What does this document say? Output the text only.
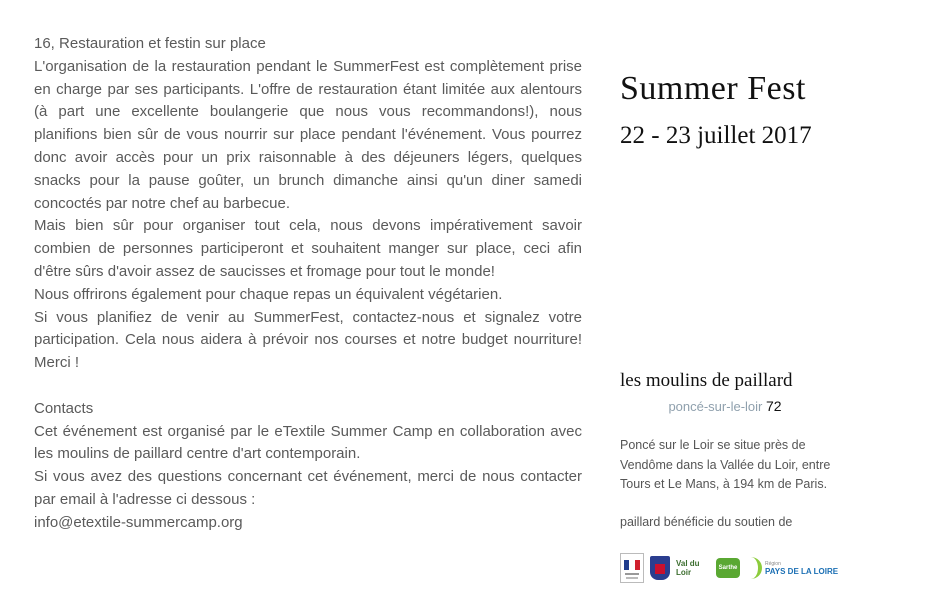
16, Restauration et festin sur place

L'organisation de la restauration pendant le SummerFest est complètement prise en charge par ses participants. L'offre de restauration étant limitée aux alentours (à part une excellente boulangerie que nous vous recommandons!), nous planifions bien sûr de vous nourrir sur place pendant l'événement. Vous pourrez donc avoir accès pour un prix raisonnable à des déjeuners légers, quelques snacks pour la pause goûter, un brunch dimanche ainsi qu'un diner samedi concoctés par notre chef au barbecue.

Mais bien sûr pour organiser tout cela, nous devons impérativement savoir combien de personnes participeront et souhaitent manger sur place, ceci afin d'être sûrs d'avoir assez de saucisses et fromage pour tout le monde!

Nous offrirons également pour chaque repas un équivalent végétarien.

Si vous planifiez de venir au SummerFest, contactez-nous et signalez votre participation. Cela nous aidera à prévoir nos courses et notre budget nourriture! Merci !

Contacts

Cet événement est organisé par le eTextile Summer Camp en collaboration avec les moulins de paillard centre d'art contemporain.

Si vous avez des questions concernant cet événement, merci de nous contacter par email à l'adresse ci dessous :

info@etextile-summercamp.org

Summer Fest
22 - 23 juillet 2017
les moulins de paillard
poncé-sur-le-loir 72
Poncé sur le Loir se situe près de Vendôme dans la Vallée du Loir, entre Tours et Le Mans, à 194 km de Paris.
paillard bénéficie du soutien de
Val du Loir	Sarthe
Région
PAYS DE LA LOIRE
